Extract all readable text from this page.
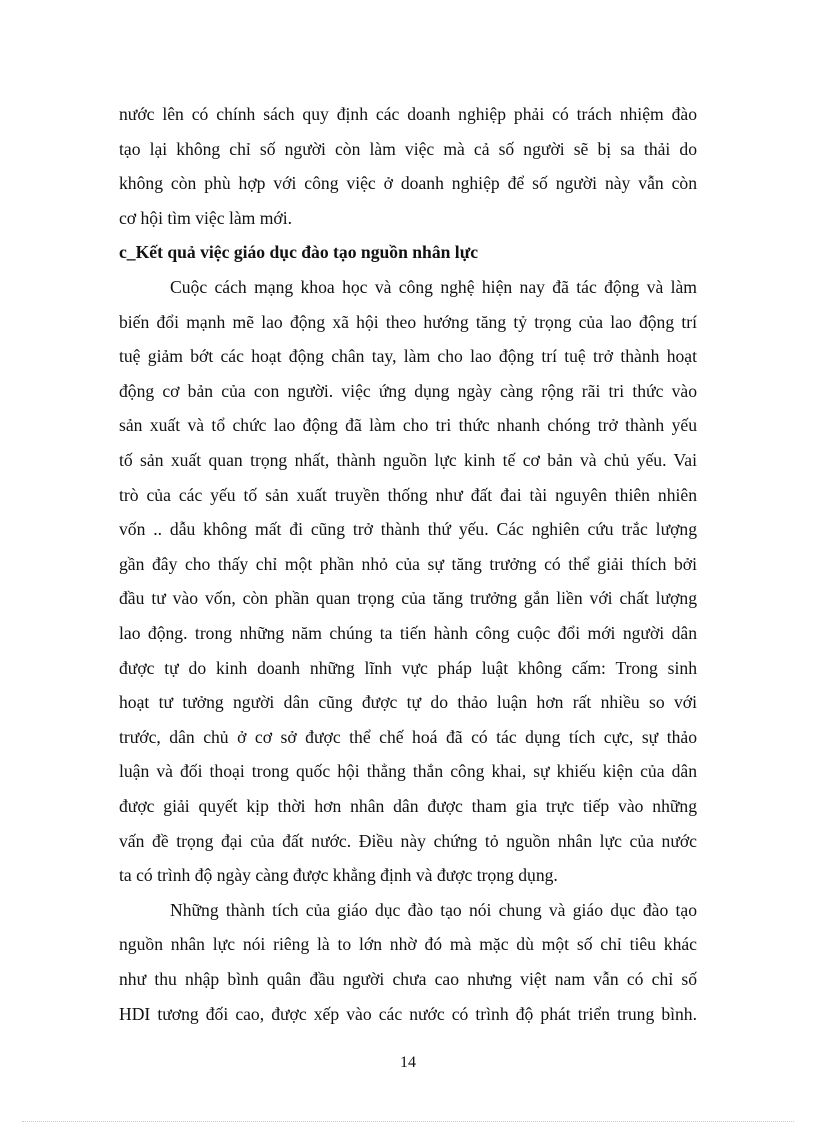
nước lên có chính sách quy định các doanh nghiệp phải có trách nhiệm đào
tạo lại không chỉ số người còn làm việc mà cả số người sẽ bị sa thải do
không còn phù hợp với công việc ở doanh nghiệp để số người này vẫn còn
cơ hội tìm việc làm mới.
c_Kết quả việc giáo dục đào tạo nguồn nhân lực
Cuộc cách mạng khoa học và công nghệ hiện nay đã tác động và làm
biến đổi mạnh mẽ lao động xã hội theo hướng tăng tỷ trọng của lao động trí
tuệ giảm bớt các hoạt động chân tay, làm cho lao động trí tuệ trở thành hoạt
động cơ bản của con người. việc ứng dụng ngày càng rộng rãi tri thức vào
sản xuất và tổ chức lao động đã làm cho tri thức nhanh chóng trở thành yếu
tố sản xuất quan trọng nhất, thành nguồn lực kinh tế cơ bản và chủ yếu. Vai
trò của các yếu tố sản xuất truyền thống như đất đai tài nguyên thiên nhiên
vốn .. dẫu không mất đi cũng trở thành thứ yếu. Các nghiên cứu trắc lượng
gần đây cho thấy chỉ một phần nhỏ của sự tăng trưởng có thể giải thích bởi
đầu tư vào vốn, còn phần quan trọng của tăng trưởng gắn liền với chất lượng
lao động. trong những năm chúng ta tiến hành công cuộc đổi mới người dân
được tự do kinh doanh những lĩnh vực pháp luật không cấm: Trong sinh
hoạt tư tưởng người dân cũng được tự do thảo luận hơn rất nhiều so với
trước, dân chủ ở cơ sở được thể chế hoá đã có tác dụng tích cực, sự thảo
luận và đối thoại trong quốc hội thẳng thắn công khai, sự khiếu kiện của dân
được giải quyết kịp thời hơn nhân dân được tham gia trực tiếp vào những
vấn đề trọng đại của đất nước. Điều này chứng tỏ nguồn nhân lực của nước
ta có trình độ ngày càng được khẳng định và được trọng dụng.
Những thành tích của giáo dục đào tạo nói chung và giáo dục đào tạo
nguồn nhân lực nói riêng là to lớn nhờ đó mà mặc dù một số chỉ tiêu khác
như thu nhập bình quân đầu người chưa cao nhưng việt nam vẫn có chỉ số
HDI tương đối cao, được xếp vào các nước có trình độ phát triển trung bình.
14
